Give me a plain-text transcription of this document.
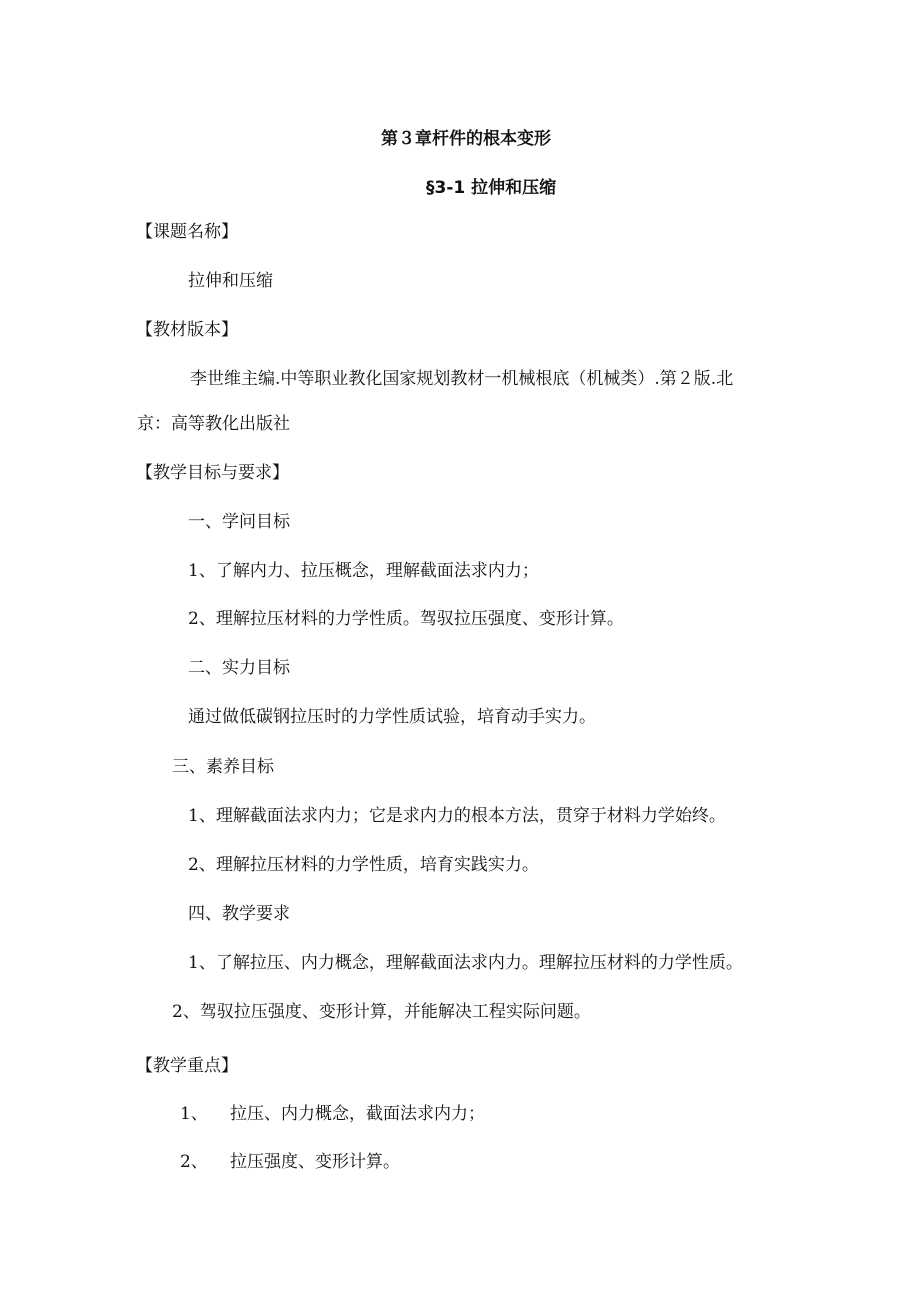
第３章杆件的根本变形
§3-1 拉伸和压缩
【课题名称】
拉伸和压缩
【教材版本】
李世维主编.中等职业教化国家规划教材一机械根底（机械类）.第２版.北
京：高等教化出版社
【教学目标与要求】
一、学问目标
1、了解内力、拉压概念，理解截面法求内力；
2、理解拉压材料的力学性质。驾驭拉压强度、变形计算。
二、实力目标
通过做低碳钢拉压时的力学性质试验，培育动手实力。
三、素养目标
1、理解截面法求内力；它是求内力的根本方法，贯穿于材料力学始终。
2、理解拉压材料的力学性质，培育实践实力。
四、教学要求
1、了解拉压、内力概念，理解截面法求内力。理解拉压材料的力学性质。
2、驾驭拉压强度、变形计算，并能解决工程实际问题。
【教学重点】
1、 拉压、内力概念，截面法求内力；
2、 拉压强度、变形计算。
